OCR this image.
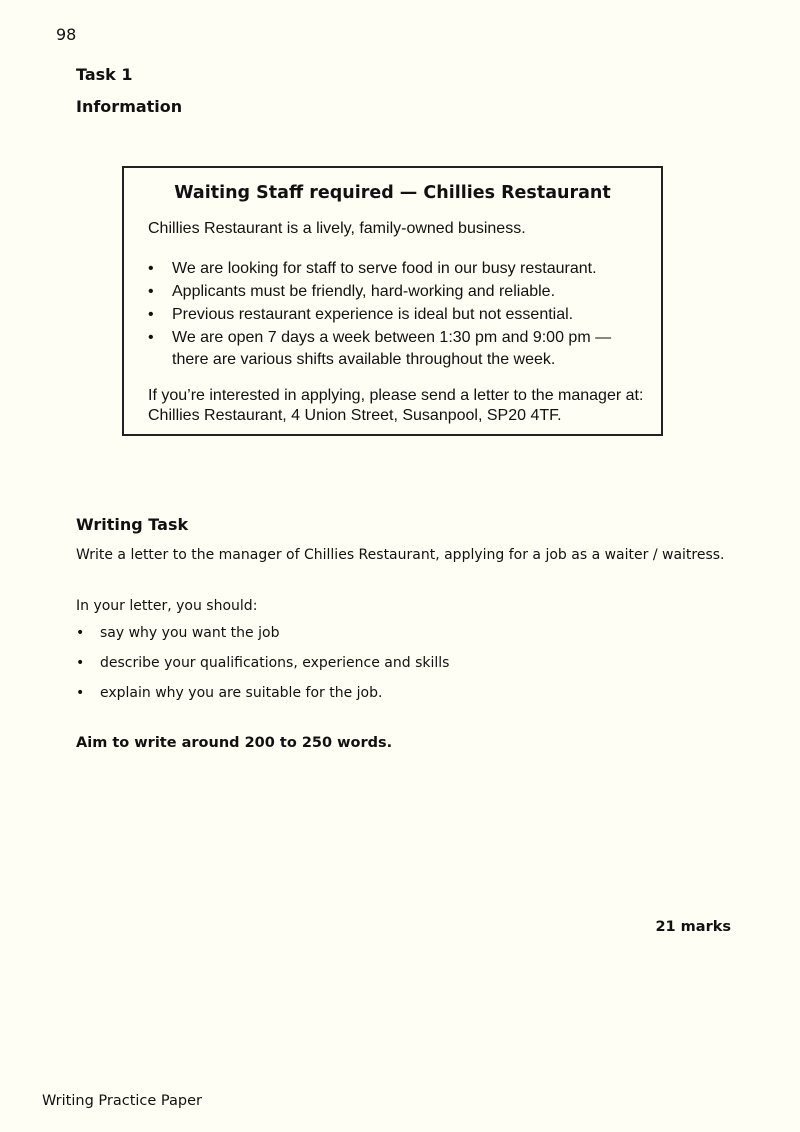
98
Task 1
Information
Waiting Staff required — Chillies Restaurant
Chillies Restaurant is a lively, family-owned business.
• We are looking for staff to serve food in our busy restaurant.
• Applicants must be friendly, hard-working and reliable.
• Previous restaurant experience is ideal but not essential.
• We are open 7 days a week between 1:30 pm and 9:00 pm — there are various shifts available throughout the week.
If you’re interested in applying, please send a letter to the manager at:
Chillies Restaurant, 4 Union Street, Susanpool, SP20 4TF.
Writing Task
Write a letter to the manager of Chillies Restaurant, applying for a job as a waiter / waitress.
In your letter, you should:
• say why you want the job
• describe your qualifications, experience and skills
• explain why you are suitable for the job.
Aim to write around 200 to 250 words.
21 marks
Writing Practice Paper
